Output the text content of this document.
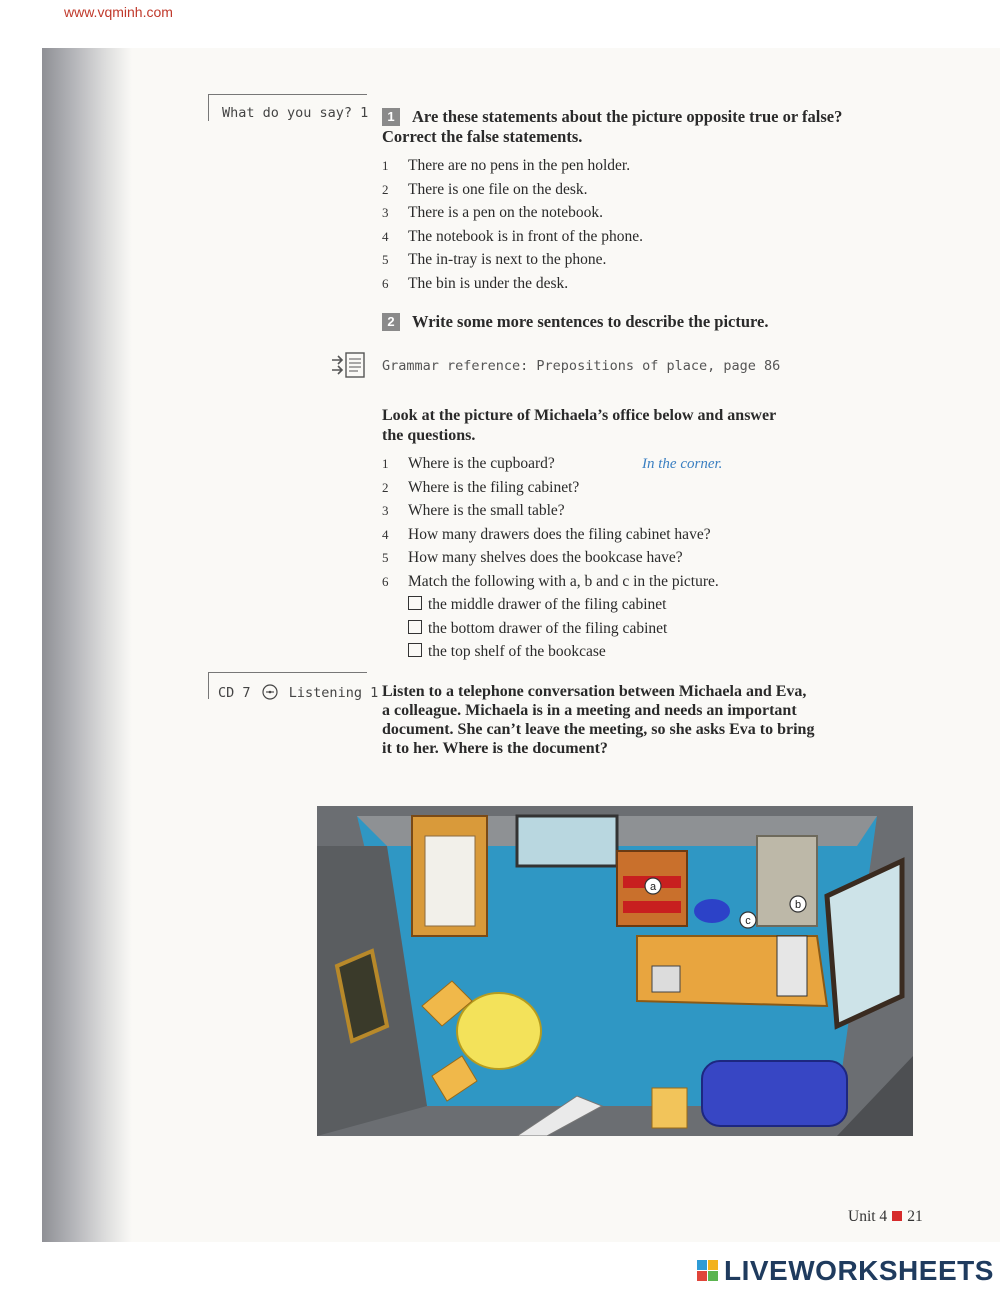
www.vqminh.com
What do you say? 1	1 Are these statements about the picture opposite true or false?
Correct the false statements.
1 There are no pens in the pen holder.
2 There is one file on the desk.
3 There is a pen on the notebook.
4 The notebook is in front of the phone.
5 The in-tray is next to the phone.
6 The bin is under the desk.
2 Write some more sentences to describe the picture.
Grammar reference: Prepositions of place, page 86
Look at the picture of Michaela’s office below and answer
the questions.
1 Where is the cupboard?	In the corner.
2 Where is the filing cabinet?
3 Where is the small table?
4 How many drawers does the filing cabinet have?
5 How many shelves does the bookcase have?
6 Match the following with a, b and c in the picture.
the middle drawer of the filing cabinet
the bottom drawer of the filing cabinet
the top shelf of the bookcase
CD 7	Listening 1 Listen to a telephone conversation between Michaela and Eva,
a colleague. Michaela is in a meeting and needs an important
document. She can’t leave the meeting, so she asks Eva to bring
it to her. Where is the document?
a
b
c
Unit 4 21
LIVEWORKSHEETS
